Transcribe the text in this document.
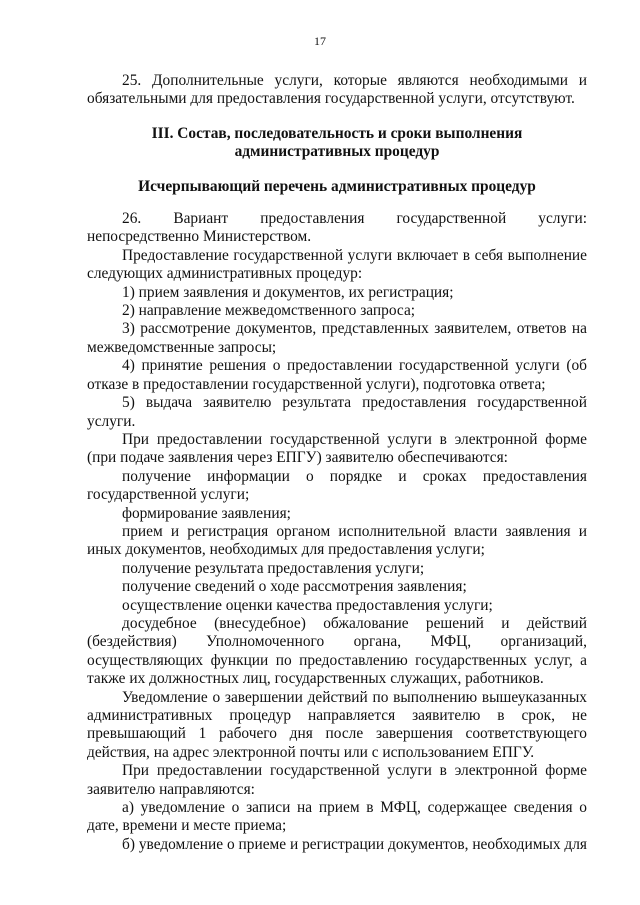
17

25. Дополнительные услуги, которые являются необходимыми и обязательными для предоставления государственной услуги, отсутствуют.

III. Состав, последовательность и сроки выполнения

административных процедур

Исчерпывающий перечень административных процедур

26. Вариант предоставления государственной услуги: непосредственно Министерством.

Предоставление государственной услуги включает в себя выполнение следующих административных процедур:

1) прием заявления и документов, их регистрация;

2) направление межведомственного запроса;

3) рассмотрение документов, представленных заявителем, ответов на межведомственные запросы;

4) принятие решения о предоставлении государственной услуги (об отказе в предоставлении государственной услуги), подготовка ответа;

5) выдача заявителю результата предоставления государственной услуги.

При предоставлении государственной услуги в электронной форме (при подаче заявления через ЕПГУ) заявителю обеспечиваются:

получение информации о порядке и сроках предоставления государственной услуги;

формирование заявления;

прием и регистрация органом исполнительной власти заявления и иных документов, необходимых для предоставления услуги;

получение результата предоставления услуги;

получение сведений о ходе рассмотрения заявления;

осуществление оценки качества предоставления услуги;

досудебное (внесудебное) обжалование решений и действий (бездействия) Уполномоченного органа, МФЦ, организаций, осуществляющих функции по предоставлению государственных услуг, а также их должностных лиц, государственных служащих, работников.

Уведомление о завершении действий по выполнению вышеуказанных административных процедур направляется заявителю в срок, не превышающий 1 рабочего дня после завершения соответствующего действия, на адрес электронной почты или с использованием ЕПГУ.

При предоставлении государственной услуги в электронной форме заявителю направляются:

а) уведомление о записи на прием в МФЦ, содержащее сведения о дате, времени и месте приема;

б) уведомление о приеме и регистрации документов, необходимых для
